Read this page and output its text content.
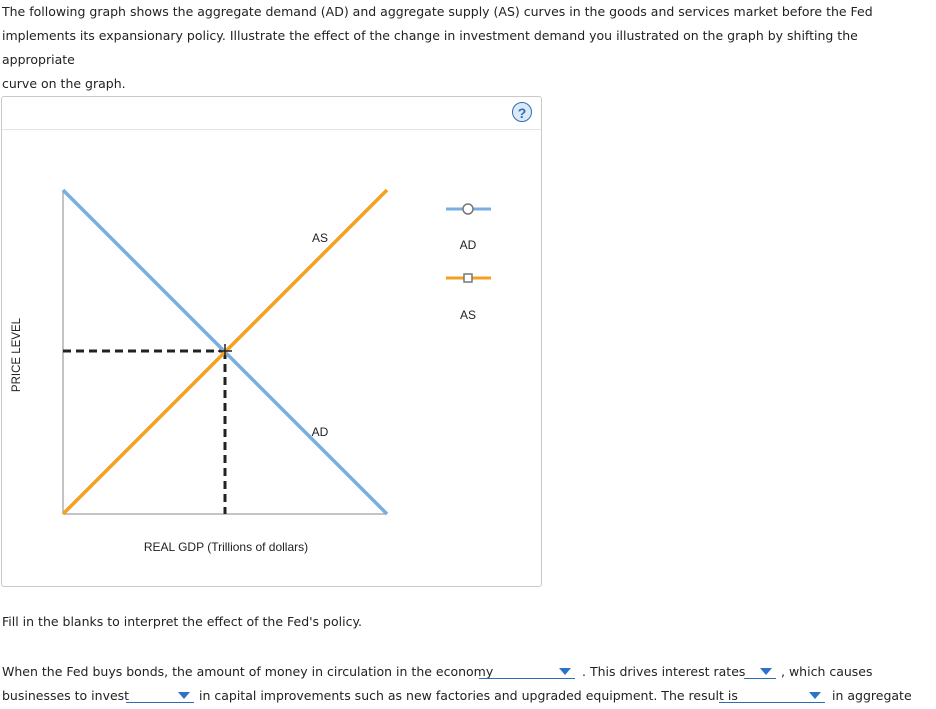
The following graph shows the aggregate demand (AD) and aggregate supply (AS) curves in the goods and services market before the Fed
implements its expansionary policy. Illustrate the effect of the change in investment demand you illustrated on the graph by shifting the appropriate
curve on the graph.
?
AS
AD
PRICE LEVEL
REAL GDP (Trillions of dollars)
AD
AS
Fill in the blanks to interpret the effect of the Fed's policy.
When the Fed buys bonds, the amount of money in circulation in the economy	. This drives interest rates	, which causes
businesses to invest	in capital improvements such as new factories and upgraded equipment. The result is	in aggregate
